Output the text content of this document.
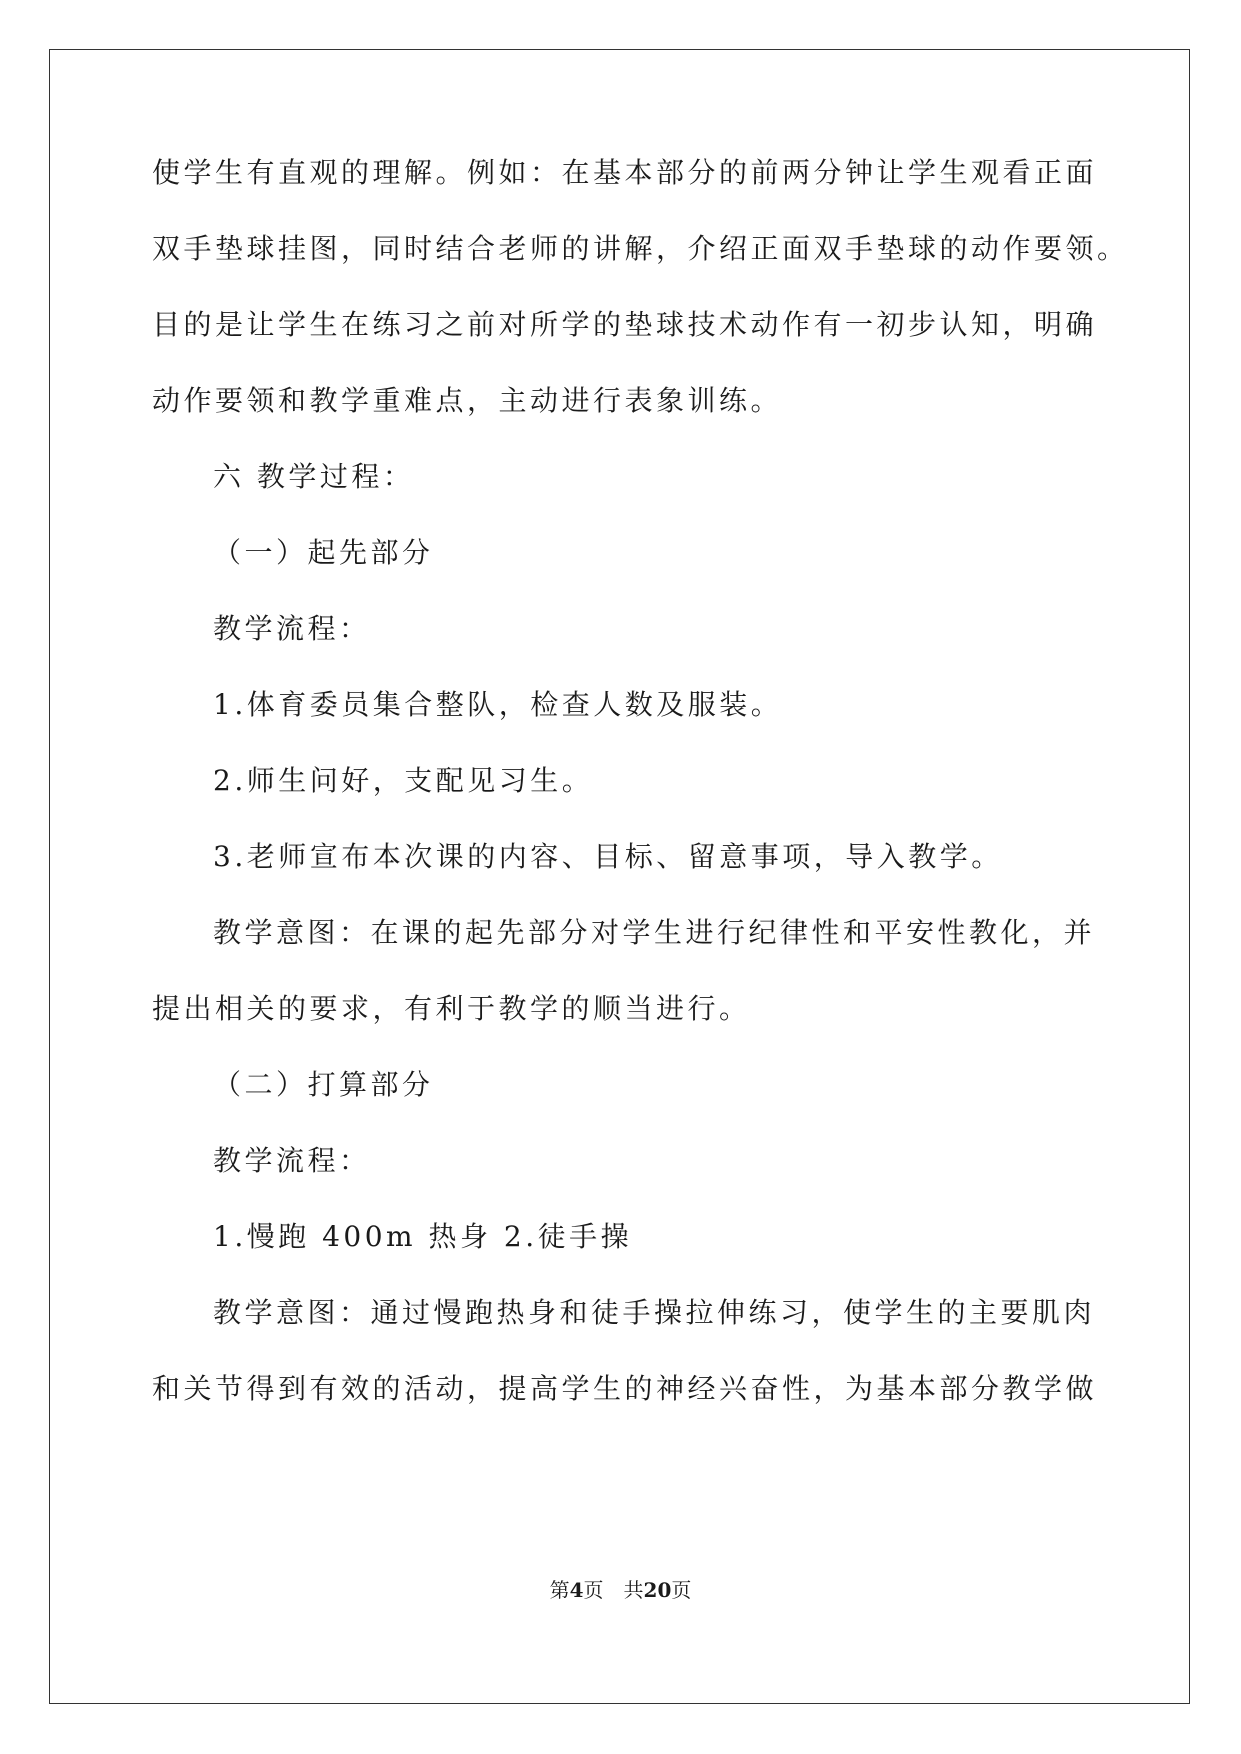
使学生有直观的理解。例如：在基本部分的前两分钟让学生观看正面
双手垫球挂图，同时结合老师的讲解，介绍正面双手垫球的动作要领。
目的是让学生在练习之前对所学的垫球技术动作有一初步认知，明确
动作要领和教学重难点，主动进行表象训练。
六 教学过程：
（一）起先部分
教学流程：
1.体育委员集合整队，检查人数及服装。
2.师生问好，支配见习生。
3.老师宣布本次课的内容、目标、留意事项，导入教学。
教学意图：在课的起先部分对学生进行纪律性和平安性教化，并
提出相关的要求，有利于教学的顺当进行。
（二）打算部分
教学流程：
1.慢跑 400m 热身 2.徒手操
教学意图：通过慢跑热身和徒手操拉伸练习，使学生的主要肌肉
和关节得到有效的活动，提高学生的神经兴奋性，为基本部分教学做
第4页　共20页
